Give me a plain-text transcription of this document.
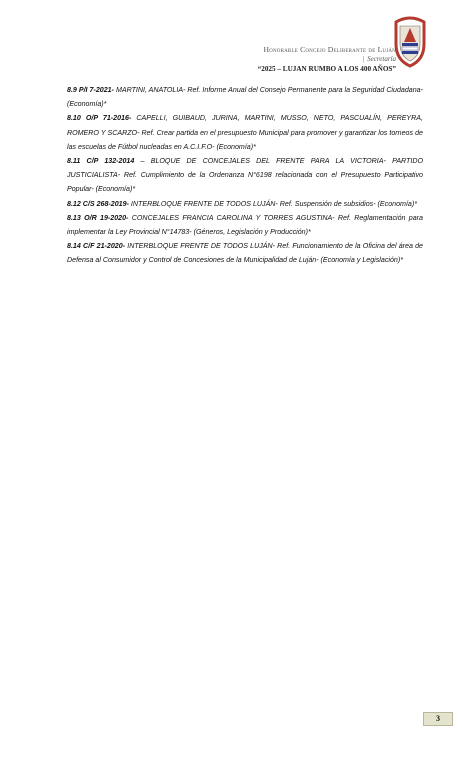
Honorable Concejo Deliberante de Luján
| Secretaría
“2025 – LUJAN RUMBO A LOS 400 AÑOS”

8.9 P/I 7-2021- MARTINI, ANATOLIA- Ref. Informe Anual del Consejo Permanente para la Seguridad Ciudadana- (Economía)*

8.10 O/P 71-2016- CAPELLI, GUIBAUD, JURINA, MARTINI, MUSSO, NETO, PASCUALÍN, PEREYRA, ROMERO Y SCARZO- Ref. Crear partida en el presupuesto Municipal para promover y garantizar los torneos de las escuelas de Fútbol nucleadas en A.C.I.F.O- (Economía)*

8.11 C/P 132-2014 – BLOQUE DE CONCEJALES DEL FRENTE PARA LA VICTORIA- PARTIDO JUSTICIALISTA- Ref. Cumplimiento de la Ordenanza N°6198 relacionada con el Presupuesto Participativo Popular- (Economía)*

8.12 C/S 268-2019- INTERBLOQUE FRENTE DE TODOS LUJÁN- Ref. Suspensión de subsidios- (Economía)*

8.13 O/R 19-2020- CONCEJALES FRANCIA CAROLINA Y TORRES AGUSTINA- Ref. Reglamentación para implementar la Ley Provincial N°14783- (Géneros, Legislación y Producción)*

8.14 C/F 21-2020- INTERBLOQUE FRENTE DE TODOS LUJÁN- Ref. Funcionamiento de la Oficina del área de Defensa al Consumidor y Control de Concesiones de la Municipalidad de Luján- (Economía y Legislación)*

3
